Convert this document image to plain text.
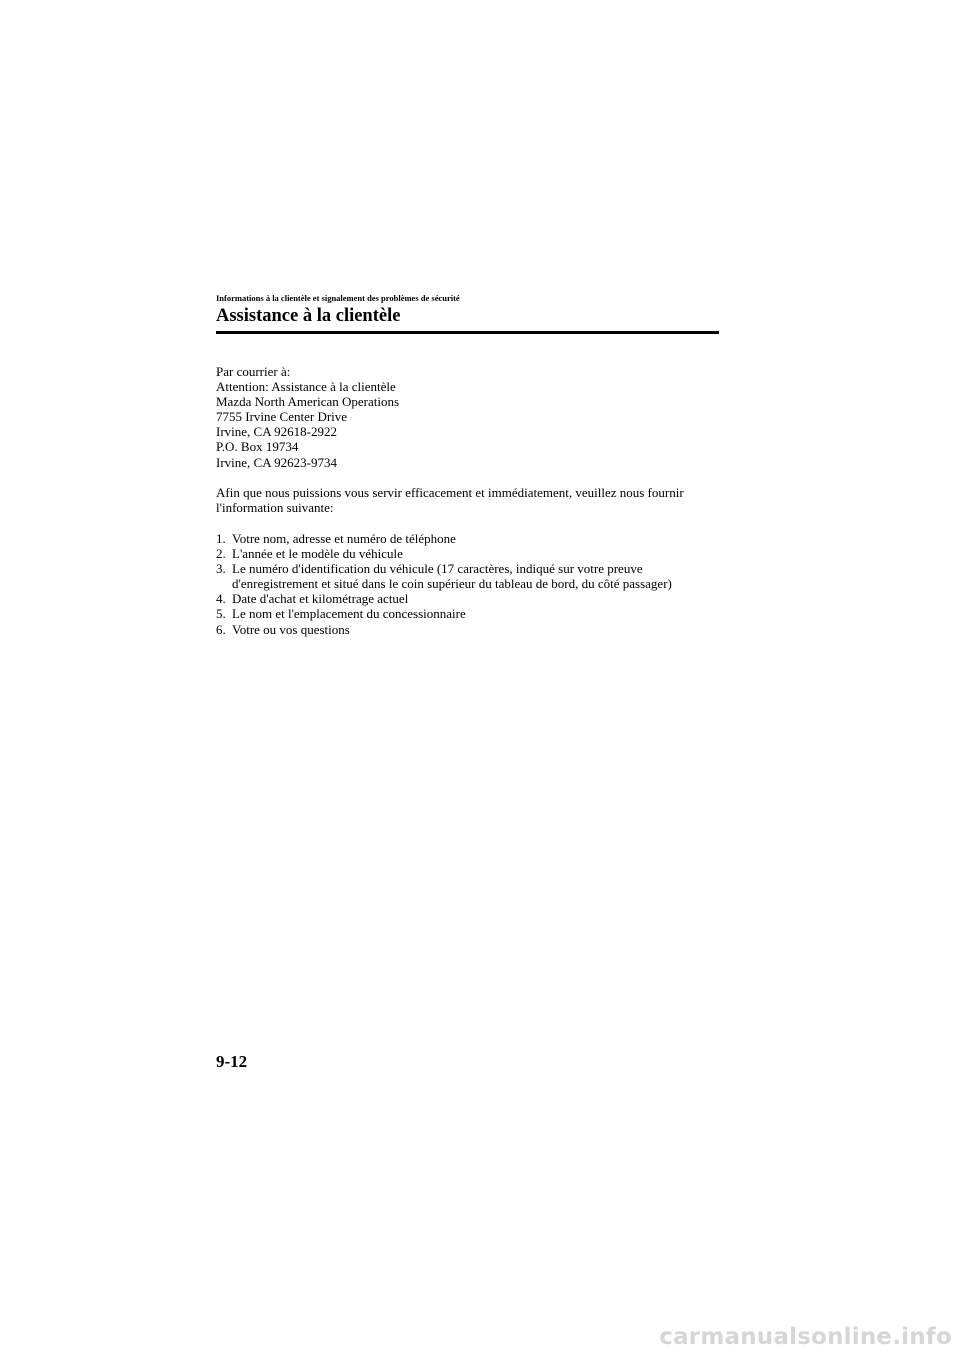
Informations à la clientèle et signalement des problèmes de sécurité
Assistance à la clientèle
Par courrier à:
Attention: Assistance à la clientèle
Mazda North American Operations
7755 Irvine Center Drive
Irvine, CA 92618-2922
P.O. Box 19734
Irvine, CA 92623-9734
Afin que nous puissions vous servir efficacement et immédiatement, veuillez nous fournir
l'information suivante:
1. Votre nom, adresse et numéro de téléphone
2. L'année et le modèle du véhicule
3. Le numéro d'identification du véhicule (17 caractères, indiqué sur votre preuve
d'enregistrement et situé dans le coin supérieur du tableau de bord, du côté passager)
4. Date d'achat et kilométrage actuel
5. Le nom et l'emplacement du concessionnaire
6. Votre ou vos questions
9-12
carmanualsonline.info
